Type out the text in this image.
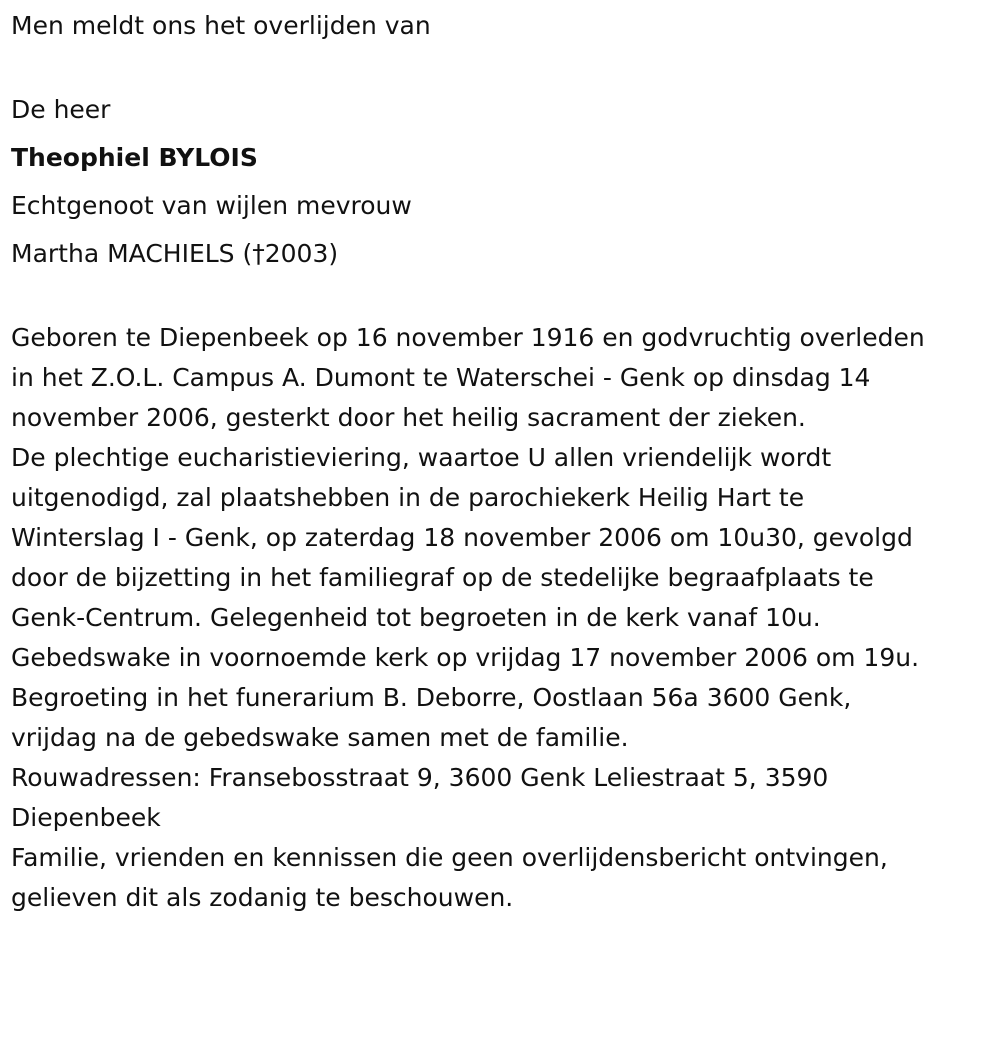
Men meldt ons het overlijden van

De heer

Theophiel BYLOIS

Echtgenoot van wijlen mevrouw

Martha MACHIELS (†2003)

Geboren te Diepenbeek op 16 november 1916 en godvruchtig overleden

in het Z.O.L. Campus A. Dumont te Waterschei - Genk op dinsdag 14

november 2006, gesterkt door het heilig sacrament der zieken.

De plechtige eucharistieviering, waartoe U allen vriendelijk wordt

uitgenodigd, zal plaatshebben in de parochiekerk Heilig Hart te

Winterslag I - Genk, op zaterdag 18 november 2006 om 10u30, gevolgd

door de bijzetting in het familiegraf op de stedelijke begraafplaats te

Genk-Centrum. Gelegenheid tot begroeten in de kerk vanaf 10u.

Gebedswake in voornoemde kerk op vrijdag 17 november 2006 om 19u.

Begroeting in het funerarium B. Deborre, Oostlaan 56a 3600 Genk,

vrijdag na de gebedswake samen met de familie.

Rouwadressen: Fransebosstraat 9, 3600 Genk Leliestraat 5, 3590

Diepenbeek

Familie, vrienden en kennissen die geen overlijdensbericht ontvingen,

gelieven dit als zodanig te beschouwen.
